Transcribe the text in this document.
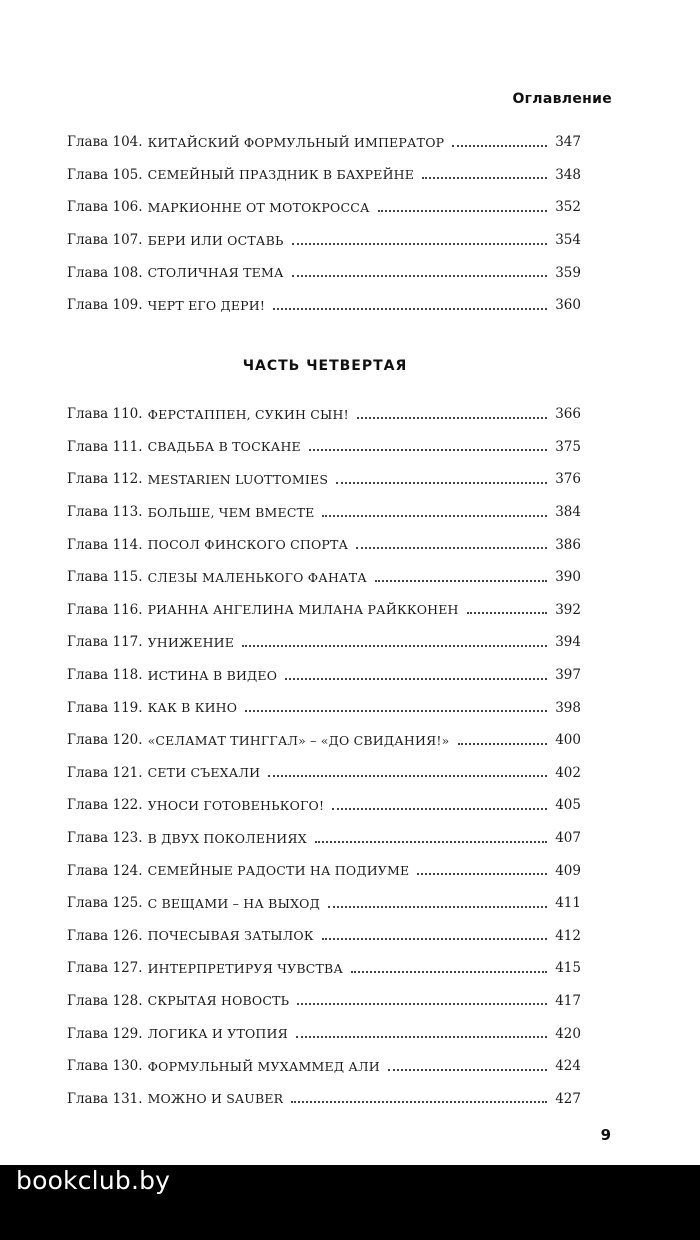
Оглавление
Глава 104. КИТАЙСКИЙ ФОРМУЛЬНЫЙ ИМПЕРАТОР	347
Глава 105. СЕМЕЙНЫЙ ПРАЗДНИК В БАХРЕЙНЕ	348
Глава 106. МАРКИОННЕ ОТ МОТОКРОССА	352
Глава 107. БЕРИ ИЛИ ОСТАВЬ	354
Глава 108. СТОЛИЧНАЯ ТЕМА	359
Глава 109. ЧЕРТ ЕГО ДЕРИ!	360
ЧАСТЬ ЧЕТВЕРТАЯ
Глава 110. ФЕРСТАППЕН, СУКИН СЫН!	366
Глава 111. СВАДЬБА В ТОСКАНЕ	375
Глава 112. MESTARIEN LUOTTOMIES	376
Глава 113. БОЛЬШЕ, ЧЕМ ВМЕСТЕ	384
Глава 114. ПОСОЛ ФИНСКОГО СПОРТА	386
Глава 115. СЛЕЗЫ МАЛЕНЬКОГО ФАНАТА	390
Глава 116. РИАННА АНГЕЛИНА МИЛАНА РАЙККОНЕН	392
Глава 117. УНИЖЕНИЕ	394
Глава 118. ИСТИНА В ВИДЕО	397
Глава 119. КАК В КИНО	398
Глава 120. «СЕЛАМАТ ТИНГГАЛ» – «ДО СВИДАНИЯ!»	400
Глава 121. СЕТИ СЪЕХАЛИ	402
Глава 122. УНОСИ ГОТОВЕНЬКОГО!	405
Глава 123. В ДВУХ ПОКОЛЕНИЯХ	407
Глава 124. СЕМЕЙНЫЕ РАДОСТИ НА ПОДИУМЕ	409
Глава 125. С ВЕЩАМИ – НА ВЫХОД	411
Глава 126. ПОЧЕСЫВАЯ ЗАТЫЛОК	412
Глава 127. ИНТЕРПРЕТИРУЯ ЧУВСТВА	415
Глава 128. СКРЫТАЯ НОВОСТЬ	417
Глава 129. ЛОГИКА И УТОПИЯ	420
Глава 130. ФОРМУЛЬНЫЙ МУХАММЕД АЛИ	424
Глава 131. МОЖНО И SAUBER	427
9
bookclub.by
